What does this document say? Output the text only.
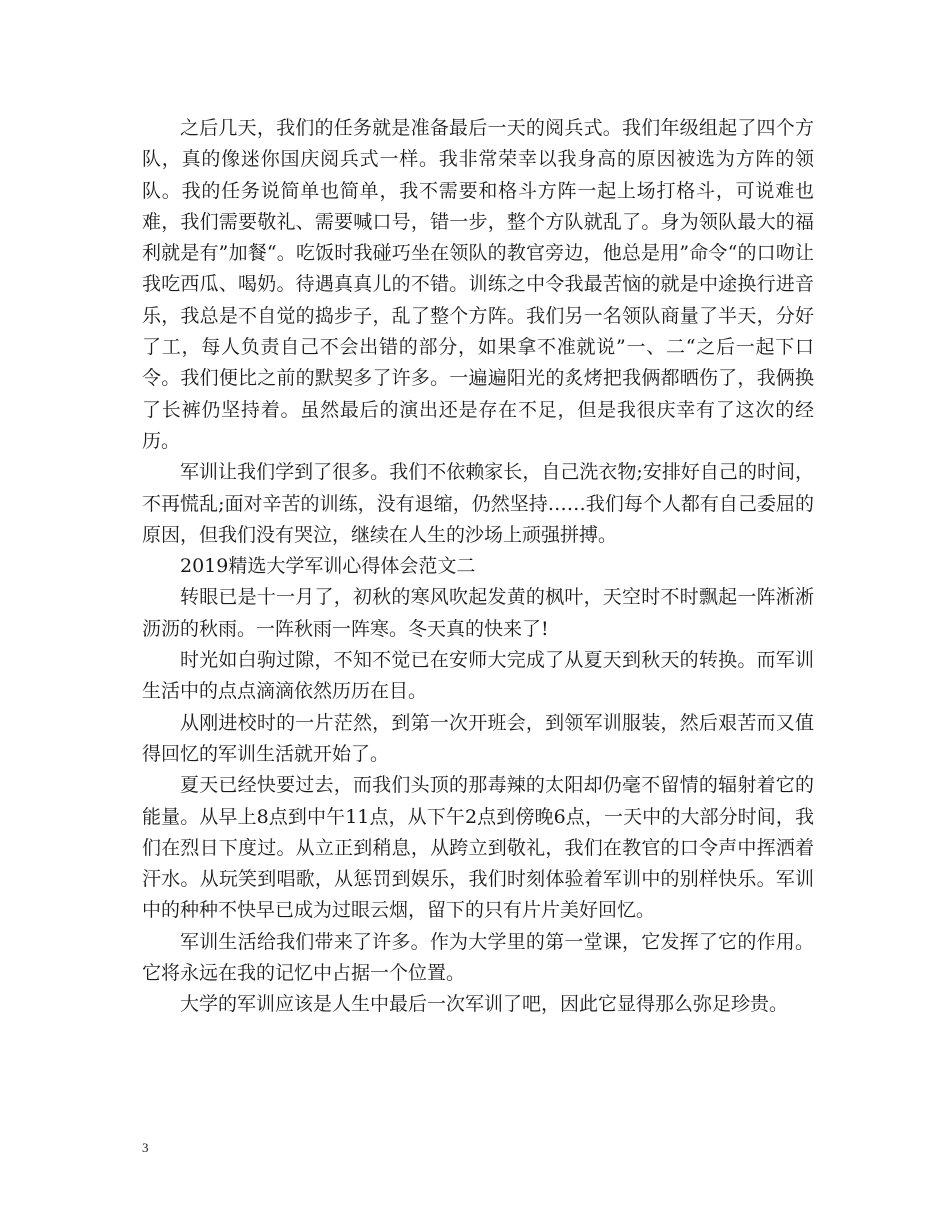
之后几天，我们的任务就是准备最后一天的阅兵式。我们年级组起了四个方队，真的像迷你国庆阅兵式一样。我非常荣幸以我身高的原因被选为方阵的领队。我的任务说简单也简单，我不需要和格斗方阵一起上场打格斗，可说难也难，我们需要敬礼、需要喊口号，错一步，整个方队就乱了。身为领队最大的福利就是有”加餐“。吃饭时我碰巧坐在领队的教官旁边，他总是用”命令“的口吻让我吃西瓜、喝奶。待遇真真儿的不错。训练之中令我最苦恼的就是中途换行进音乐，我总是不自觉的捣步子，乱了整个方阵。我们另一名领队商量了半天，分好了工，每人负责自己不会出错的部分，如果拿不准就说”一、二“之后一起下口令。我们便比之前的默契多了许多。一遍遍阳光的炙烤把我俩都晒伤了，我俩换了长裤仍坚持着。虽然最后的演出还是存在不足，但是我很庆幸有了这次的经历。

军训让我们学到了很多。我们不依赖家长，自己洗衣物;安排好自己的时间，不再慌乱;面对辛苦的训练，没有退缩，仍然坚持……我们每个人都有自己委屈的原因，但我们没有哭泣，继续在人生的沙场上顽强拼搏。

2019精选大学军训心得体会范文二

转眼已是十一月了，初秋的寒风吹起发黄的枫叶，天空时不时飘起一阵淅淅沥沥的秋雨。一阵秋雨一阵寒。冬天真的快来了!

时光如白驹过隙，不知不觉已在安师大完成了从夏天到秋天的转换。而军训生活中的点点滴滴依然历历在目。

从刚进校时的一片茫然，到第一次开班会，到领军训服装，然后艰苦而又值得回忆的军训生活就开始了。

夏天已经快要过去，而我们头顶的那毒辣的太阳却仍毫不留情的辐射着它的能量。从早上8点到中午11点，从下午2点到傍晚6点，一天中的大部分时间，我们在烈日下度过。从立正到稍息，从跨立到敬礼，我们在教官的口令声中挥洒着汗水。从玩笑到唱歌，从惩罚到娱乐，我们时刻体验着军训中的别样快乐。军训中的种种不快早已成为过眼云烟，留下的只有片片美好回忆。

军训生活给我们带来了许多。作为大学里的第一堂课，它发挥了它的作用。它将永远在我的记忆中占据一个位置。

大学的军训应该是人生中最后一次军训了吧，因此它显得那么弥足珍贵。

3
